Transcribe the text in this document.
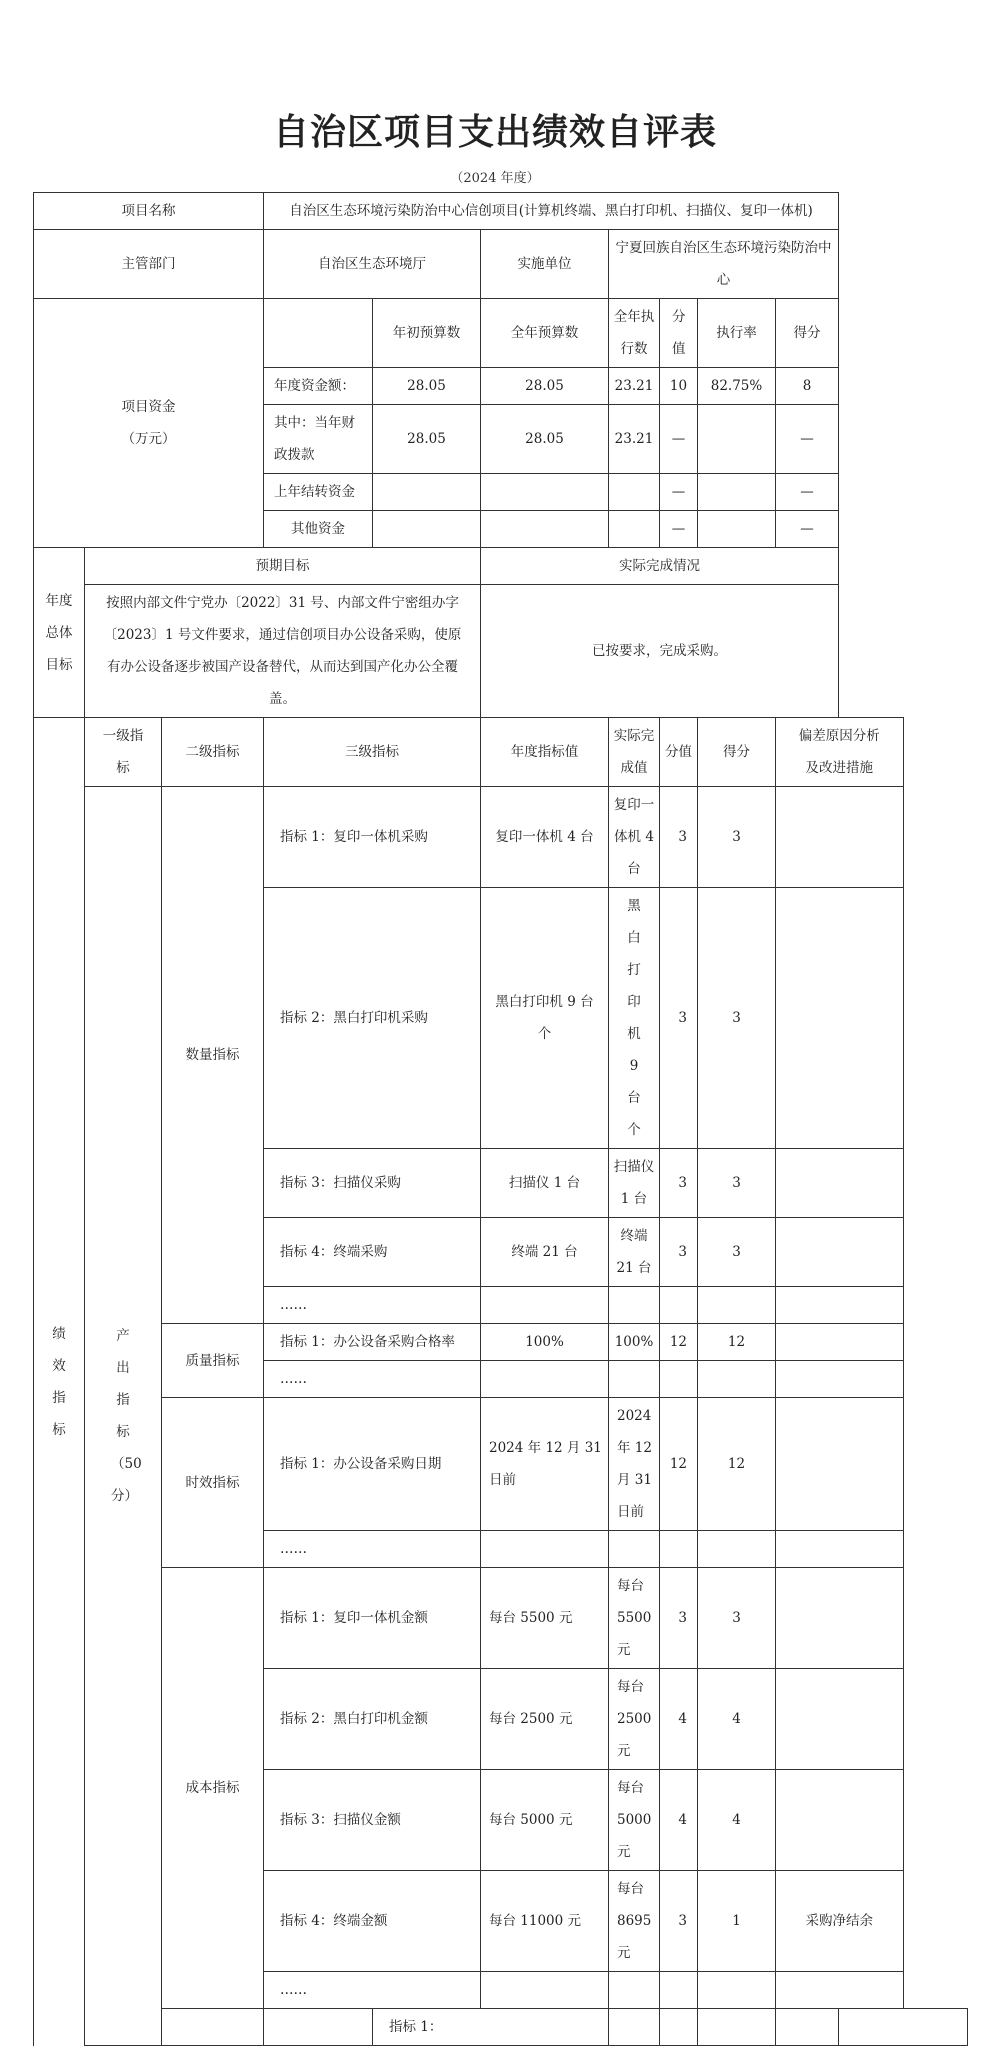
自治区项目支出绩效自评表
（2024 年度）
项目名称			自治区生态环境污染防治中心信创项目(计算机终端、黑白打印机、扫描仪、复印一体机)							
主管部门			自治区生态环境厅		实施单位	宁夏回族自治区生态环境污染防治中心				

项目资金
（万元）				年初预算数	全年预算数	全年执行数	分值	执行率	得分	
			年度资金额：	28.05	28.05	23.21	10	82.75%	8	
			其中：当年财政拨款	28.05	28.05	23.21	—		—	
			上年结转资金				—		—	
			其他资金				—		—	
年度总体目标	预期目标				实际完成情况					
	按照内部文件宁党办〔2022〕31 号、内部文件宁密组办字〔2023〕1 号文件要求，通过信创项目办公设备采购，使原有办公设备逐步被国产设备替代，从而达到国产化办公全覆盖。				已按要求，完成采购。					
绩效指标	一级指标	二级指标	三级指标		年度指标值	实际完成值	分值	得分	偏差原因分析及改进措施	
	产出指标（50分）	数量指标	指标 1：复印一体机采购		复印一体机 4 台	复印一体机 4 台	3	3		
			指标 2：黑白打印机采购		黑白打印机 9 台个	黑白打印机 9 台个	3	3		
			指标 3：扫描仪采购		扫描仪 1 台	扫描仪 1 台	3	3		
			指标 4：终端采购		终端 21 台	终端 21 台	3	3		
			……							
		质量指标	指标 1：办公设备采购合格率		100%	100%	12	12		
			……							
		时效指标	指标 1：办公设备采购日期		2024 年 12 月 31 日前	2024 年 12 月 31 日前	12	12		
			……							
		成本指标	指标 1：复印一体机金额		每台 5500 元	每台 5500 元	3	3		
			指标 2：黑白打印机金额		每台 2500 元	每台 2500 元	4	4		
			指标 3：扫描仪金额		每台 5000 元	每台 5000 元	4	4		
			指标 4：终端金额		每台 11000 元	每台 8695 元	3	1	采购净结余	
			……							
				指标 1：						
